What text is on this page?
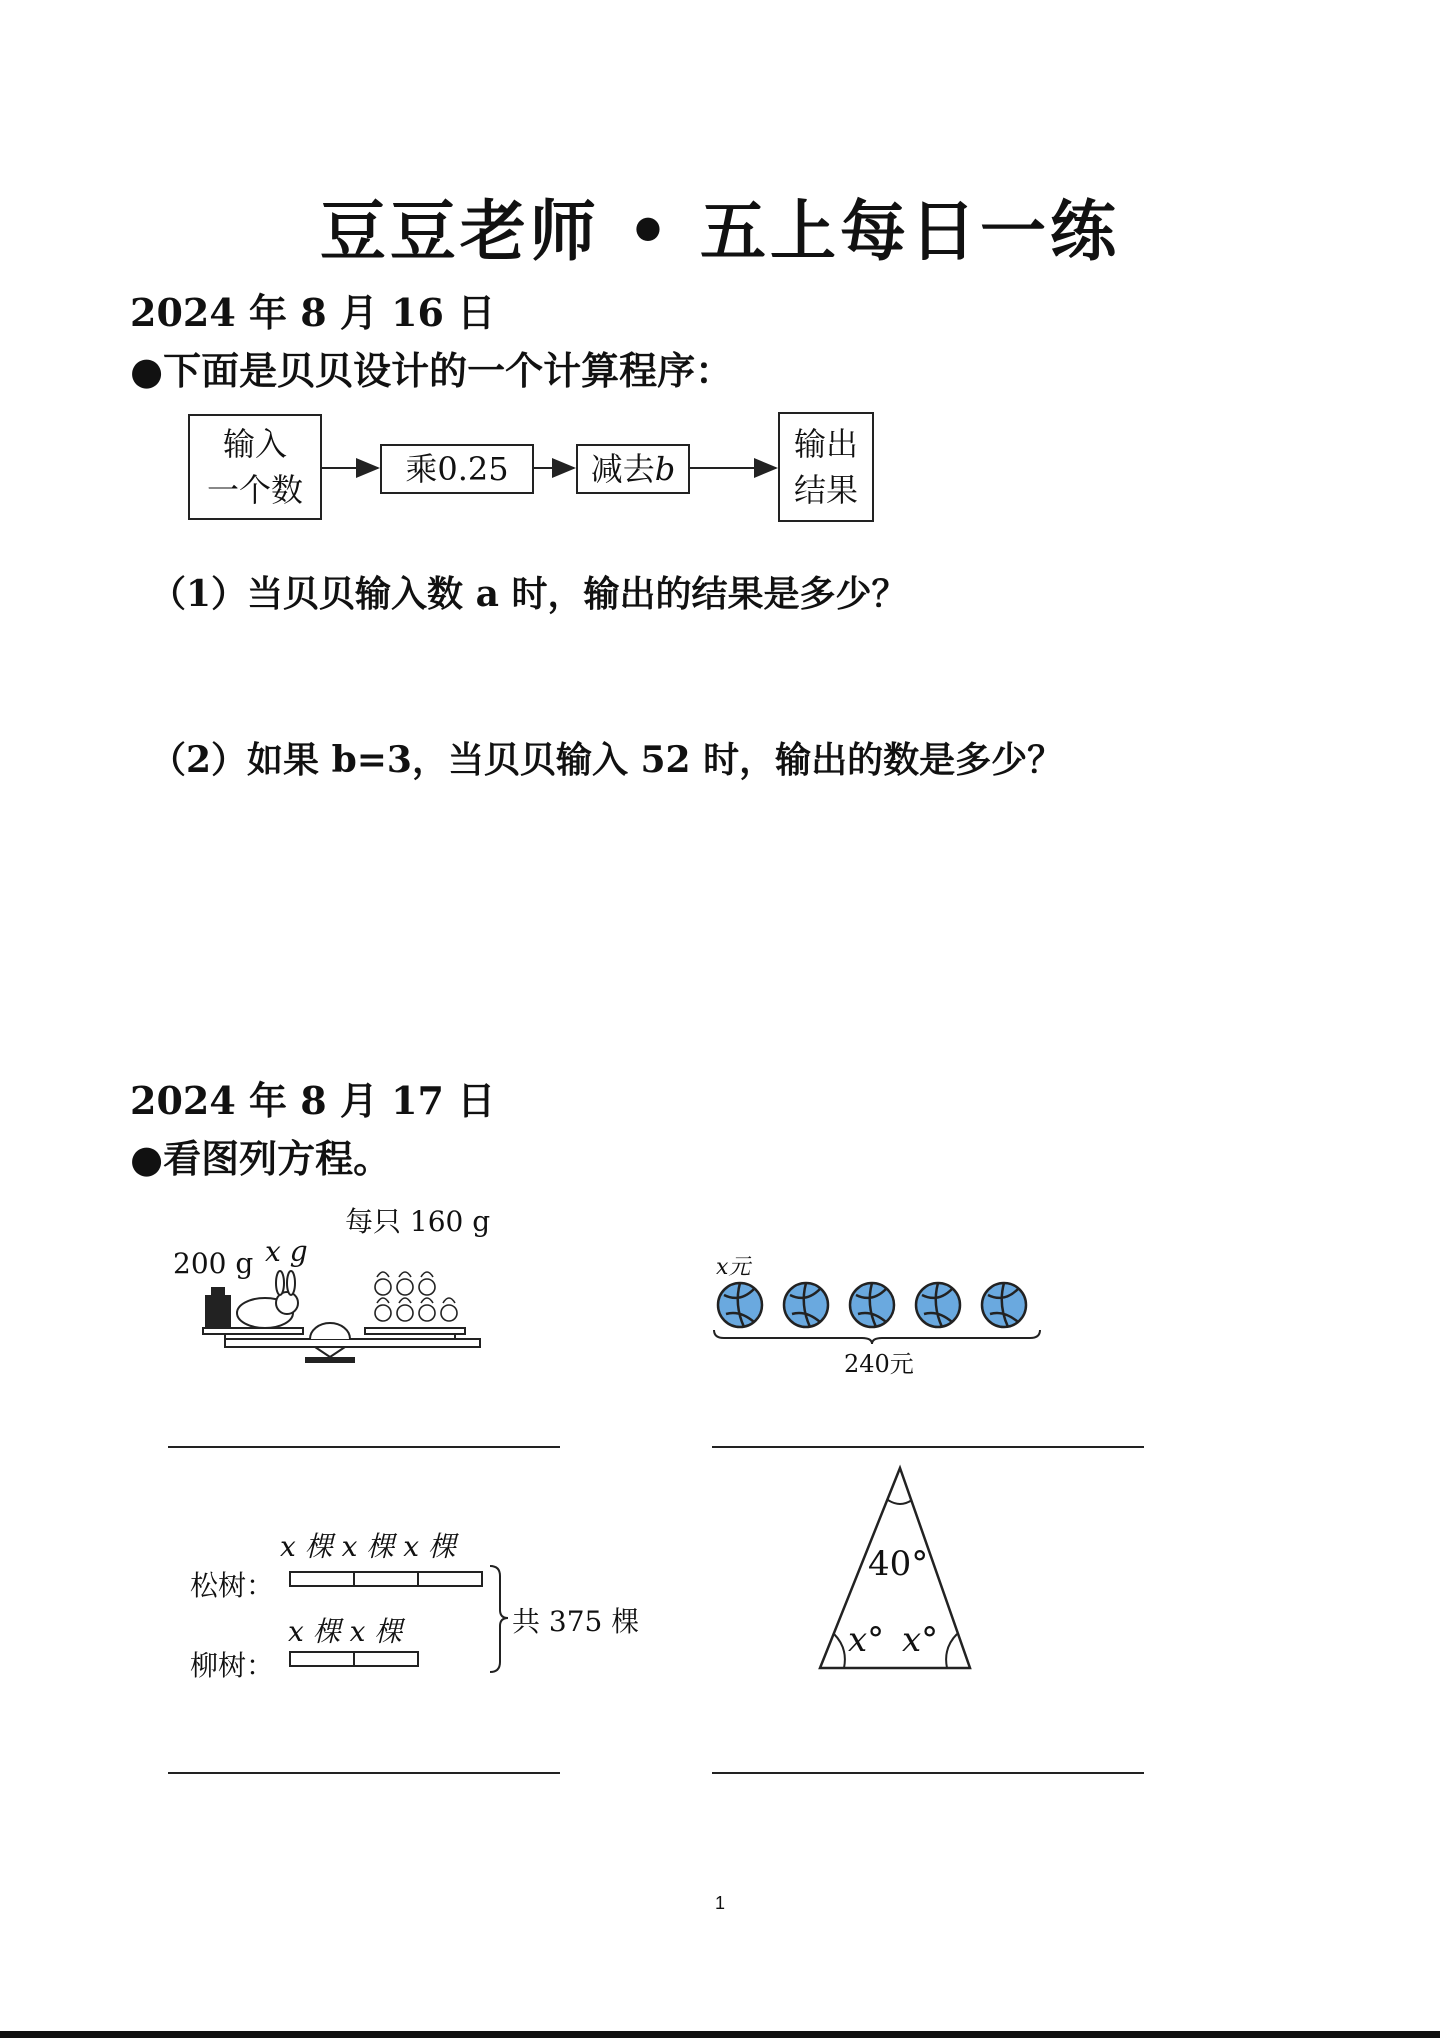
豆豆老师 • 五上每日一练
2024 年 8 月 16 日
●下面是贝贝设计的一个计算程序：
输入
一个数
乘0.25	减去 b
输出
结果
（1）当贝贝输入数 a 时，输出的结果是多少？
（2）如果 b=3，当贝贝输入 52 时，输出的数是多少？
2024 年 8 月 17 日
●看图列方程。
200 g x g
每只 160 g
x元
240元
x 棵 x 棵 x 棵
松树：
x 棵 x 棵
柳树：
共 375 棵
40°
x° x°
1
